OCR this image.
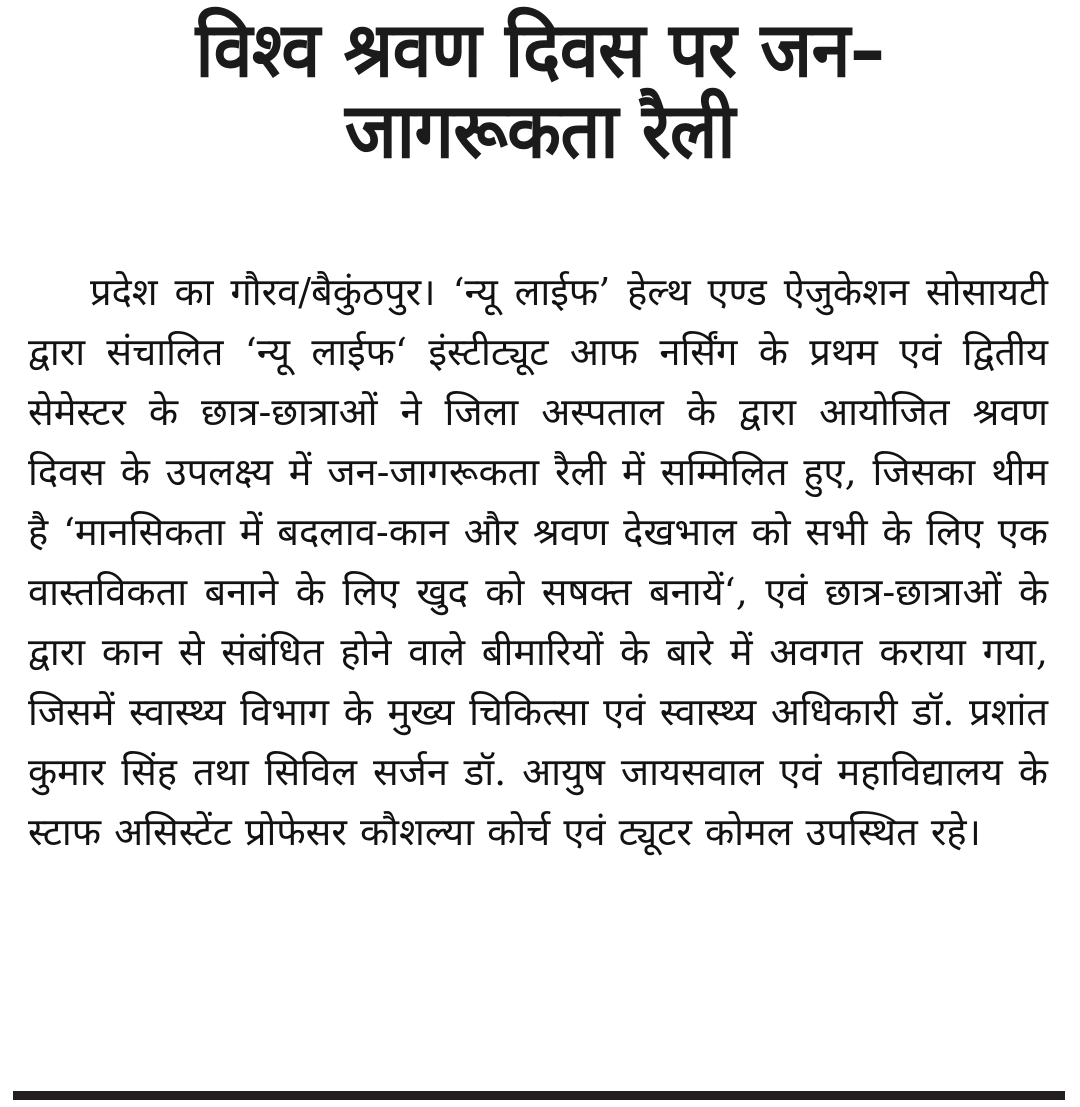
विश्व श्रवण दिवस पर जन–
जागरूकता रैली

प्रदेश का गौरव/बैकुंठपुर। ‘न्यू लाईफ’ हेल्थ एण्ड ऐजुकेशन सोसायटी द्वारा संचालित ‘न्यू लाईफ‘ इंस्टीट्यूट आफ नर्सिंग के प्रथम एवं द्वितीय सेमेस्टर के छात्र-छात्राओं ने जिला अस्पताल के द्वारा आयोजित श्रवण दिवस के उपलक्ष्य में जन-जागरूकता रैली में सम्मिलित हुए, जिसका थीम है ‘मानसिकता में बदलाव-कान और श्रवण देखभाल को सभी के लिए एक वास्तविकता बनाने के लिए खुद को सषक्त बनायें‘, एवं छात्र-छात्राओं के द्वारा कान से संबंधित होने वाले बीमारियों के बारे में अवगत कराया गया, जिसमें स्वास्थ्य विभाग के मुख्य चिकित्सा एवं स्वास्थ्य अधिकारी डॉ. प्रशांत कुमार सिंह तथा सिविल सर्जन डॉ. आयुष जायसवाल एवं महाविद्यालय के स्टाफ असिस्टेंट प्रोफेसर कौशल्या कोर्च एवं ट्यूटर कोमल उपस्थित रहे।
